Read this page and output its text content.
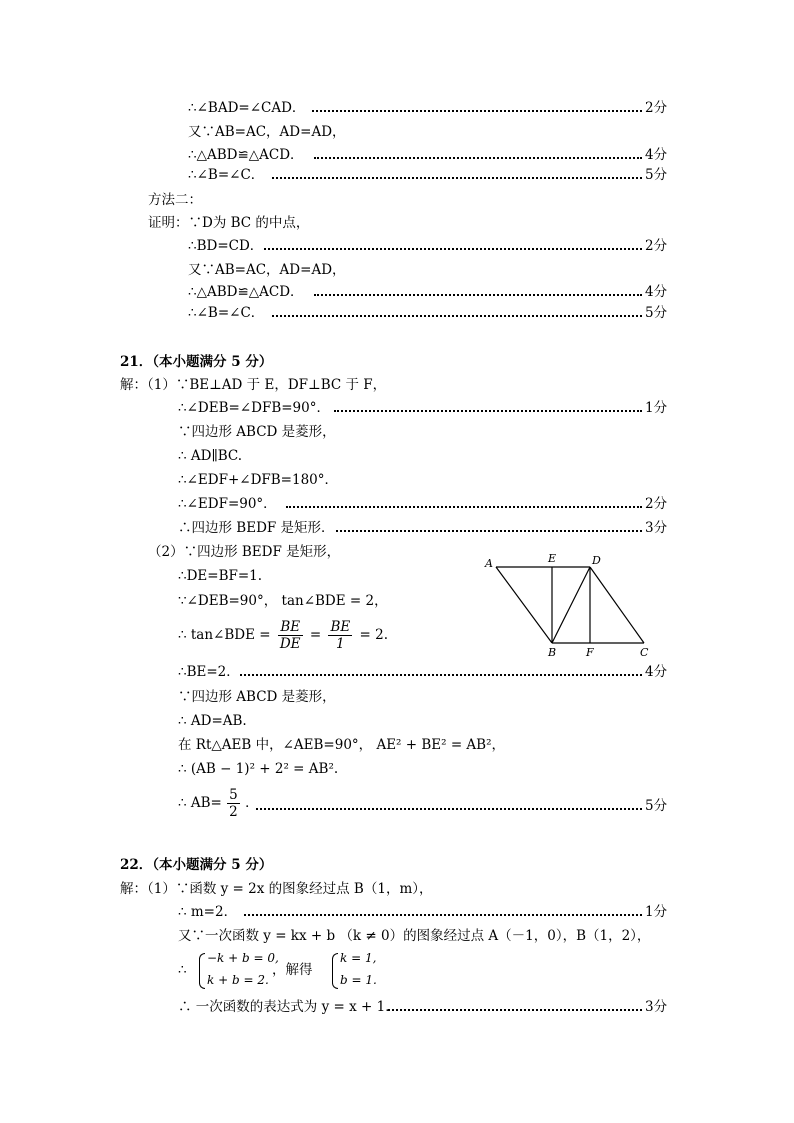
∴∠BAD=∠CAD．	2分
又∵AB=AC，AD=AD，
∴△ABD≌△ACD．	4分
∴∠B=∠C．	5分
方法二：
证明：∵D为 BC 的中点，
∴BD=CD．	2分
又∵AB=AC，AD=AD，
∴△ABD≌△ACD．	4分
∴∠B=∠C．	5分
21．（本小题满分 5 分）
解：（1）∵BE⊥AD 于 E，DF⊥BC 于 F，
∴∠DEB=∠DFB=90°．	1分
∵四边形 ABCD 是菱形，
∴ AD∥BC.
∴∠EDF+∠DFB=180°．
∴∠EDF=90°．	2分
∴四边形 BEDF 是矩形．	3分
（2）∵四边形 BEDF 是矩形，
∴DE=BF=1.
∵∠DEB=90°， tan∠BDE = 2，
∴ tan∠BDE = $\frac{BE}{DE} = \frac{BE}{1} = 2$.
∴BE=2．	4分
∵四边形 ABCD 是菱形，
∴ AD=AB.
在 Rt△AEB 中，∠AEB=90°， AE² + BE² = AB²，
∴ (AB − 1)² + 2² = AB².
∴ $AB= \frac{5}{2}$ ．	5分
A	E	D
B	F	C
22．（本小题满分 5 分）
解：（1）∵函数 y = 2x 的图象经过点 B（1，m），
∴ m=2．	1分
又∵一次函数 y = kx + b （k ≠ 0）的图象经过点 A（－1，0），B（1，2），
∴
−k + b = 0,
k + b = 2.
，解得
k = 1,
b = 1.
∴ 一次函数的表达式为 y = x + 1．	3分
